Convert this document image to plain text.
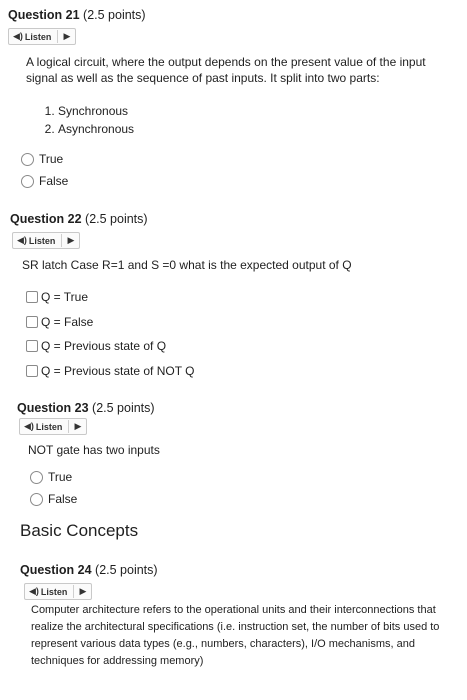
Question 21 (2.5 points)
◀) Listen ▶

A logical circuit, where the output depends on the present value of the input signal as well as the sequence of past inputs. It split into two parts:

1. Synchronous
2. Asynchronous
True
False
Question 22 (2.5 points)
◀) Listen ▶

SR latch Case R=1 and S =0 what is the expected output of Q

Q = True
Q = False
Q = Previous state of Q
Q = Previous state of NOT Q
Question 23 (2.5 points)
◀) Listen ▶

NOT gate has two inputs

True
False
Basic Concepts
Question 24 (2.5 points)
◀) Listen ▶

Computer architecture refers to the operational units and their interconnections that realize the architectural specifications (i.e. instruction set, the number of bits used to represent various data types (e.g., numbers, characters), I/O mechanisms, and techniques for addressing memory)
